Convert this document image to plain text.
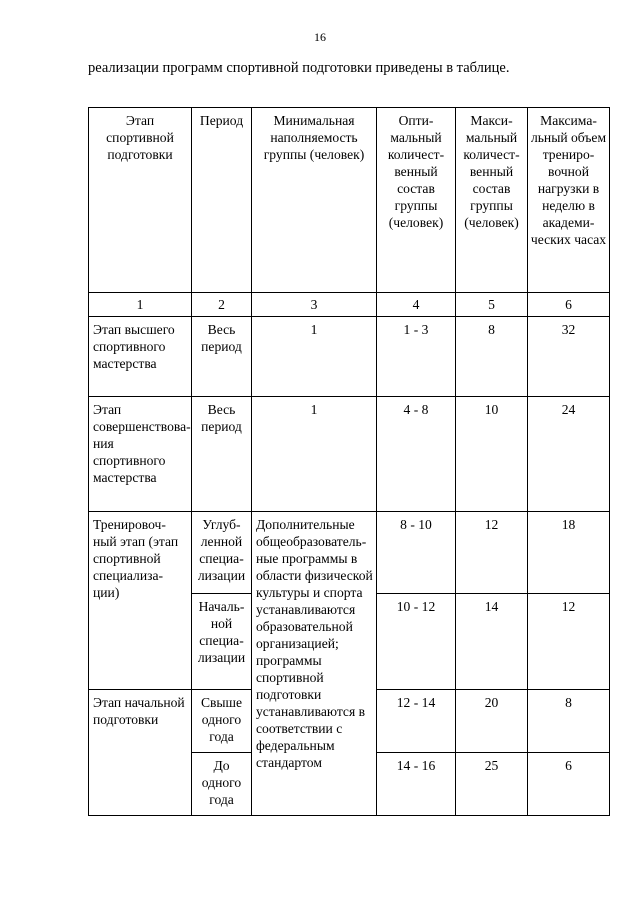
16
реализации программ спортивной подготовки приведены в таблице.
Этап спортивной подготовки	Период	Минимальная наполняемость группы (человек)	Опти-мальный количест-венный состав группы (человек)	Макси-мальный количест-венный состав группы (человек)	Максима-льный объем трениро-вочной нагрузки в неделю в академи-ческих часах
1	2	3	4	5	6
Этап высшего спортивного мастерства	Весь период	1	1 - 3	8	32
Этап совершенствова-ния спортивного мастерства	Весь период	1	4 - 8	10	24
Тренировоч-ный этап (этап спортивной специализа-ции)	Углуб-ленной специа-лизации	Дополнительные общеобразователь-ные программы в области физической культуры и спорта устанавливаются образовательной организацией; программы спортивной подготовки устанавливаются в соответствии с федеральным стандартом	8 - 10	12	18
	Началь-ной специа-лизации		10 - 12	14	12
Этап начальной подготовки	Свыше одного года		12 - 14	20	8
	До одного года		14 - 16	25	6
